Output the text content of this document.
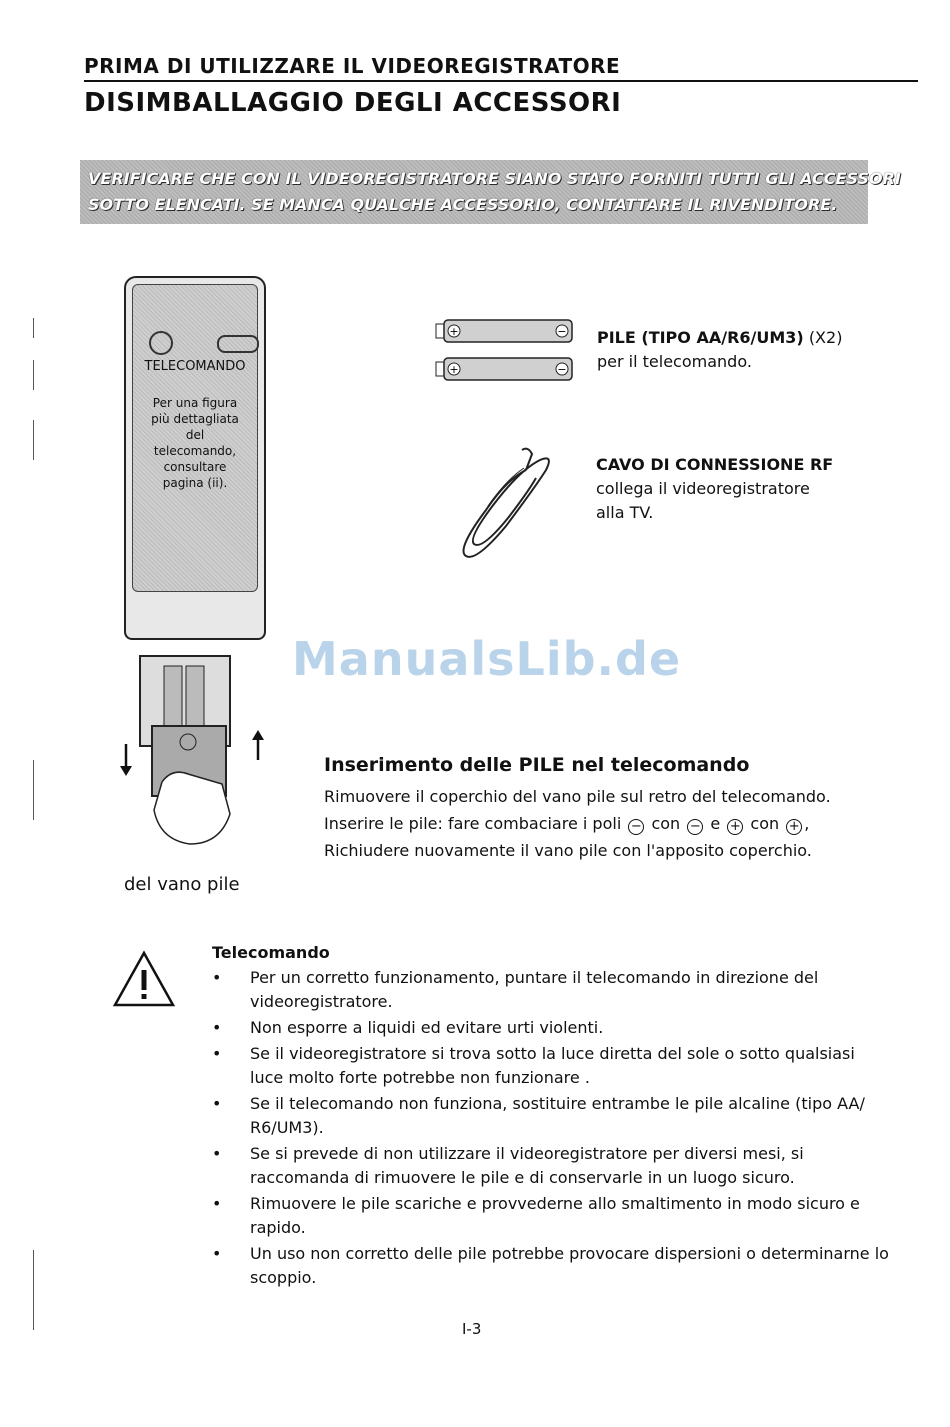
PRIMA DI UTILIZZARE IL VIDEOREGISTRATORE
DISIMBALLAGGIO DEGLI ACCESSORI
VERIFICARE CHE CON IL VIDEOREGISTRATORE SIANO STATO FORNITI TUTTI GLI ACCESSORI
SOTTO ELENCATI. SE MANCA QUALCHE ACCESSORIO, CONTATTARE IL RIVENDITORE.
TELECOMANDO
Per una figura più dettagliata del telecomando, consultare pagina (ii).
+	−
+	−
PILE (TIPO AA/R6/UM3) (X2)
per il telecomando.
CAVO DI CONNESSIONE RF
collega il videoregistratore
alla TV.
ManualsLib.de
Inserimento delle PILE nel telecomando
Rimuovere il coperchio del vano pile sul retro del telecomando.
Inserire le pile: fare combaciare i poli − con − e + con + ,
Richiudere nuovamente il vano pile con l'apposito coperchio.
del vano pile
Telecomando
• Per un corretto funzionamento, puntare il telecomando in direzione del videoregistratore.
• Non esporre a liquidi ed evitare urti violenti.
• Se il videoregistratore si trova sotto la luce diretta del sole o sotto qualsiasi luce molto forte potrebbe non funzionare .
• Se il telecomando non funziona, sostituire entrambe le pile alcaline (tipo AA/ R6/UM3).
• Se si prevede di non utilizzare il videoregistratore per diversi mesi, si raccomanda di rimuovere le pile e di conservarle in un luogo sicuro.
• Rimuovere le pile scariche e provvederne allo smaltimento in modo sicuro e rapido.
• Un uso non corretto delle pile potrebbe provocare dispersioni o determinarne lo scoppio.
I-3
